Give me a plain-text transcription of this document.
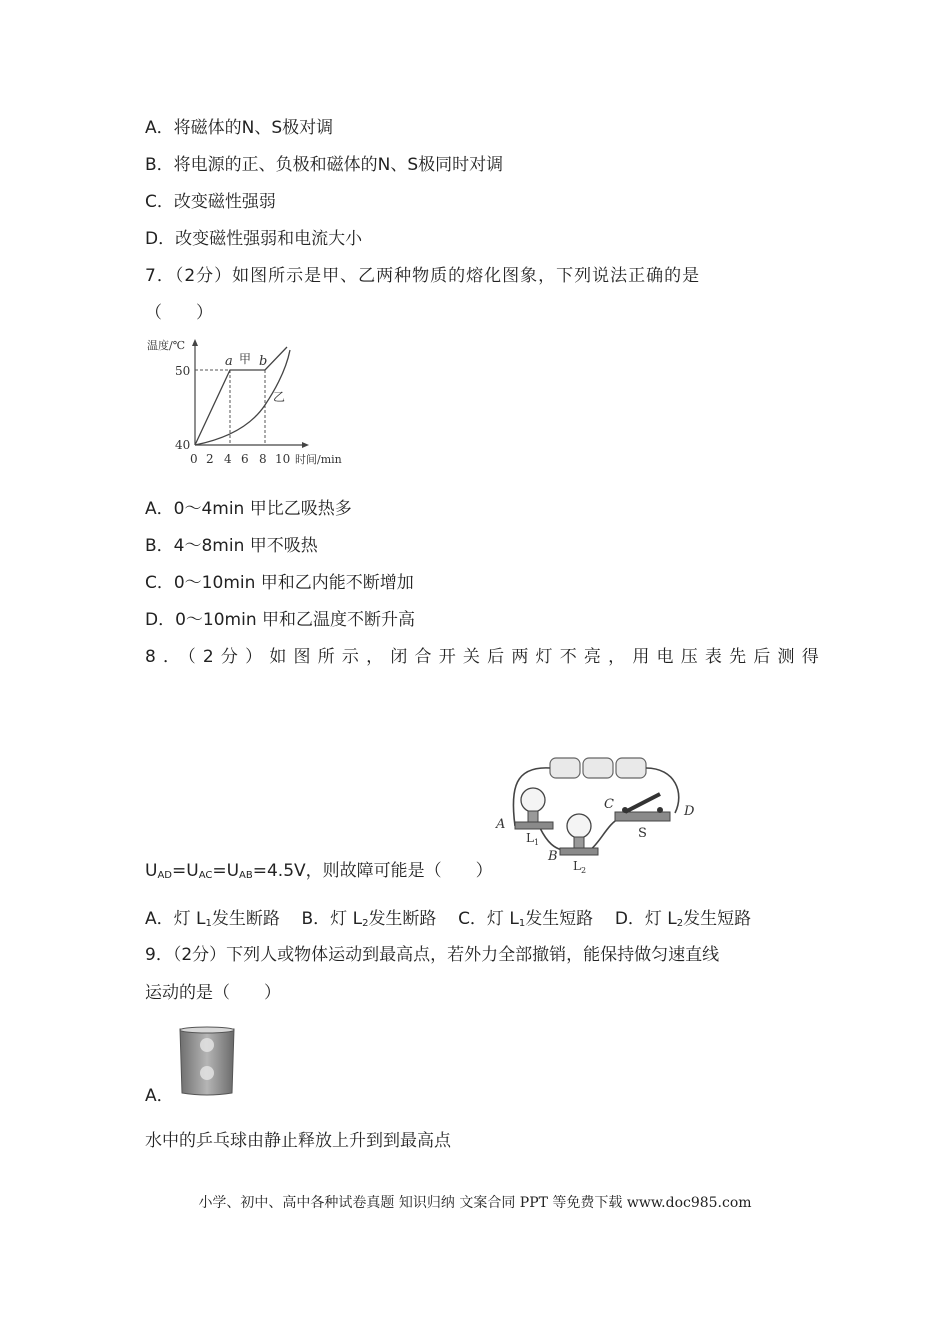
A．将磁体的N、S极对调
B．将电源的正、负极和磁体的N、S极同时对调
C．改变磁性强弱
D．改变磁性强弱和电流大小
7．（2分）如图所示是甲、乙两种物质的熔化图象，下列说法正确的是
（　　）
温度/℃
时间/min
50
40
0 2 4 6 8 10
a b
甲
乙
A．0～4min 甲比乙吸热多
B．4～8min 甲不吸热
C．0～10min 甲和乙内能不断增加
D．0～10min 甲和乙温度不断升高
8．（2分）如图所示，闭合开关后两灯不亮，用电压表先后测得
A
B
C	D
S
$L_1$
$L_2$
$U_{AD}=U_{AC}=U_{AB}=4.5V$，则故障可能是（　　）
A．灯 $L_1$发生断路 B．灯 $L_2$发生断路 C．灯 $L_1$发生短路 D．灯 $L_2$发生短路
9．（2分）下列人或物体运动到最高点，若外力全部撤销，能保持做匀速直线
运动的是（　　）
A．
水中的乒乓球由静止释放上升到到最高点
小学、初中、高中各种试卷真题 知识归纳 文案合同 PPT 等免费下载 www.doc985.com
